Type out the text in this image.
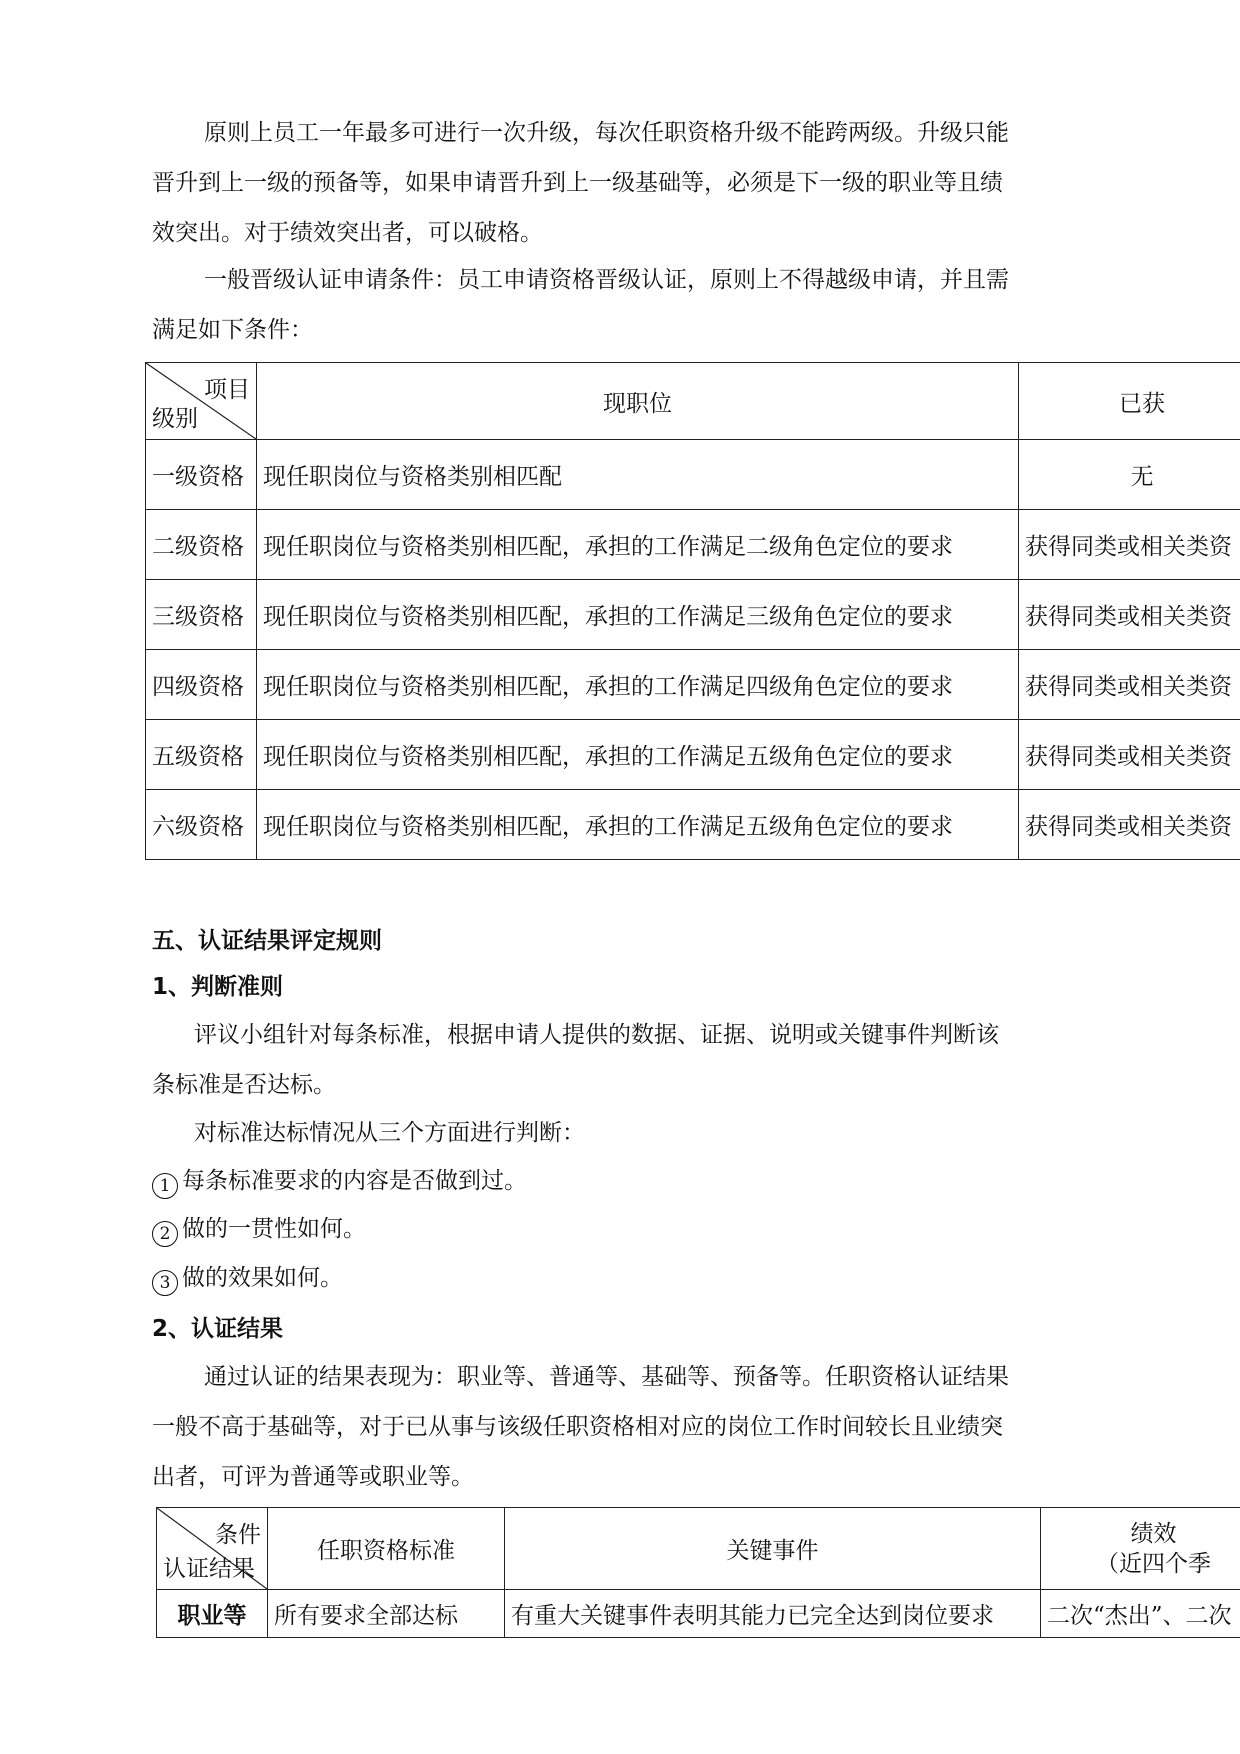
原则上员工一年最多可进行一次升级，每次任职资格升级不能跨两级。升级只能
晋升到上一级的预备等，如果申请晋升到上一级基础等，必须是下一级的职业等且绩
效突出。对于绩效突出者，可以破格。

一般晋级认证申请条件：员工申请资格晋级认证，原则上不得越级申请，并且需
满足如下条件：

项目
级别	现职位	已获
一级资格	现任职岗位与资格类别相匹配	无
二级资格	现任职岗位与资格类别相匹配，承担的工作满足二级角色定位的要求	获得同类或相关类资
三级资格	现任职岗位与资格类别相匹配，承担的工作满足三级角色定位的要求	获得同类或相关类资
四级资格	现任职岗位与资格类别相匹配，承担的工作满足四级角色定位的要求	获得同类或相关类资
五级资格	现任职岗位与资格类别相匹配，承担的工作满足五级角色定位的要求	获得同类或相关类资
六级资格	现任职岗位与资格类别相匹配，承担的工作满足五级角色定位的要求	获得同类或相关类资

五、认证结果评定规则

1、判断准则

评议小组针对每条标准，根据申请人提供的数据、证据、说明或关键事件判断该
条标准是否达标。

对标准达标情况从三个方面进行判断：

1 每条标准要求的内容是否做到过。

2 做的一贯性如何。

3 做的效果如何。

2、认证结果

通过认证的结果表现为：职业等、普通等、基础等、预备等。任职资格认证结果
一般不高于基础等，对于已从事与该级任职资格相对应的岗位工作时间较长且业绩突
出者，可评为普通等或职业等。

条件
认证结果	任职资格标准	关键事件	绩效
（近四个季

职业等	所有要求全部达标	有重大关键事件表明其能力已完全达到岗位要求	二次“杰出”、二次
